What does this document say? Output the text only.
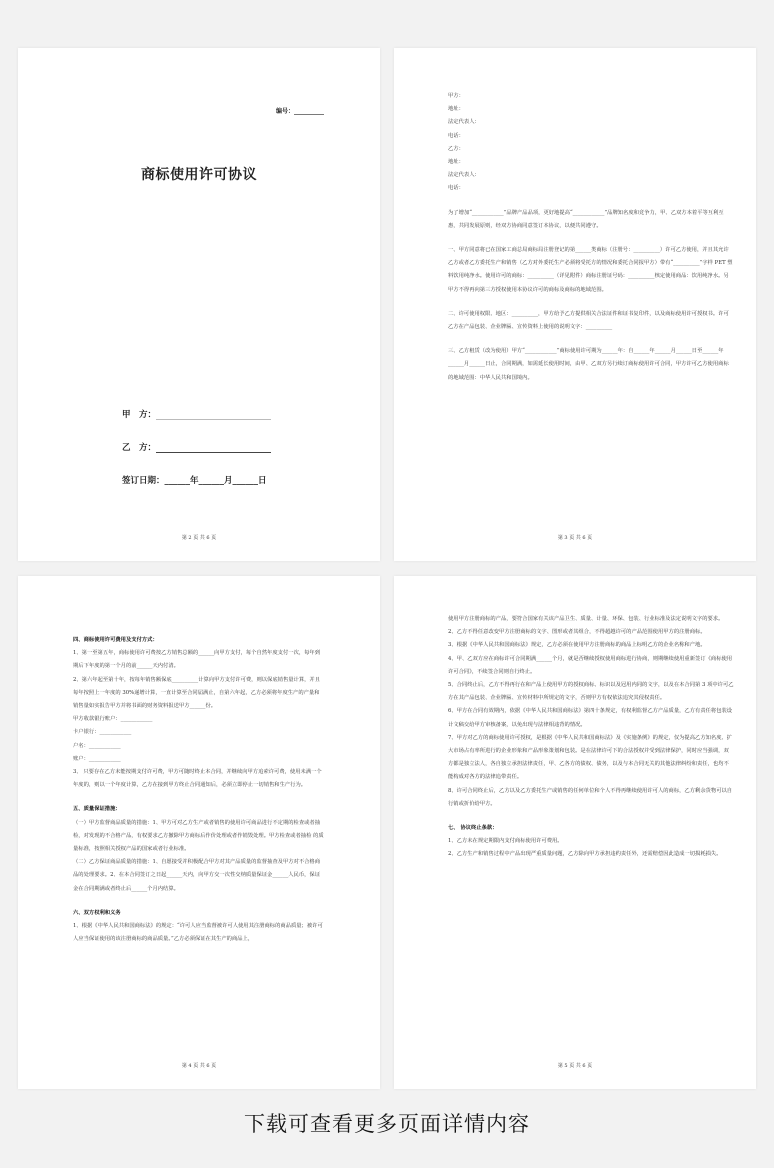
编号：__________
商标使用许可协议
甲　方：
乙　方：
签订日期：______年______月______日
第 2 页 共 6 页

甲方：

地址：

法定代表人：

电话：

乙方：

地址：

法定代表人：

电话：

为了增加“____________”品牌产品品项，更好地提高“____________”品牌知名度和竞争力，甲、乙双方本着平等互利互惠，共同发展原则，经双方协商同意签订本协议，以便共同遵守。

一、甲方同意将已在国家工商总局商标局注册登记的第______类商标（注册号：__________）许可乙方使用，并且其允许乙方或者乙方委托生产和销售（乙方对外委托生产必须将受托方的情况和委托合同报甲方）带有“__________”字样 PET 塑料饮用纯净水。使用许可的商标：__________（详见附件）商标注册证号码：__________核定使用商品：饮用纯净水。另甲方不得再向第三方授权使用本协议许可的商标及商标的地域范围。

二、许可使用权限、地区：__________，甲方给予乙方提供相关合法证件和证书复印件，以及商标使用许可授权书。许可乙方在产品包装、企业牌匾、宣传资料上使用的说明文字：__________

三、乙方租赁（改为使用）甲方“____________”商标使用许可期为______年：自______年______月______日至______年______月______日止，合同期满，如需延长使用时间，由甲、乙双方另行续订商标使用许可合同，甲方许可乙方使用商标的地域范围：中华人民共和国境内。

第 3 页 共 6 页

四、商标使用许可费用及支付方式：

1、第一至第五年，商标使用许可费按乙方销售总额的______向甲方支付，每个自然年度支付一次，每年到期后下年度的第一个月的前______天内付清。

2、第六年起至第十年，按每年销售额保底__________计算向甲方支付许可费，则以保底销售量计算，并且每年按照上一年度的 30%递增计算，一直计算至合同届满止，自第六年起，乙方必须将年度生产的产量和销售量如实报告甲方并将书面的财务资料报送甲方______份。

甲方收款银行账户：____________

卡户银行：____________

户名：____________

账户：____________

3、 只要存在乙方未能按期支付许可费，甲方可随时终止本合同，并继续向甲方追索许可费，使用未满一个年度的，则以一个年度计算，乙方在接到甲方终止合同通知后，必须立即停止一切销售和生产行为。

五、质量保证措施：

（一）甲方监督商品质量的措施：1、甲方可对乙方生产或者销售的使用许可商品进行不定期的检查或者抽检，对发现的不合格产品，有权要求乙方撤除甲方商标后作价处理或者作销毁处理。甲方检查或者抽检 的质量标准，按照相关授权产品的国家或者行业标准。

（二）乙方保证商品质量的措施：1、自愿接受并积极配合甲方对其产品质量的监督抽查及甲方对不合格商品的处理要求。2、在本合同签订之日起______天内，向甲方交一次性交纳质量保证金______人民币，保证金在合同期满或者终止后______个月内结算。

六、双方权利和义务

1、根据《中华人民共和国商标法》的规定：“许可人应当监督被许可人使用其注册商标的商品质量；被许可人应当保证使用的该注册商标的商品质量。”乙方必须保证在其生产的商品上，

第 4 页 共 6 页

使用甲方注册商标的产品，要符合国家有关该产品卫生、质量、计量、环保、包装、行业标准及法定说明文字的要求。

2、乙方不得任意改变甲方注册商标的文字、图形或者其组合，不得超越许可的产品范围使用甲方的注册商标。

3、根据《中华人民共和国商标法》规定，乙方必须在使用甲方注册商标的商品上标明乙方的企业名称和产地。

4、甲、乙双方应在商标许可合同期满______个月，就是否继续授权使用商标进行协商，则期继续使用重新签订《商标使用许可合同》，不续签合同则自行终止。

5、合同终止后，乙方不得再行在和产品上使用甲方的授权商标、标识以及冠用内同的文字，以及在本合同第 3 项中许可乙方在其产品包装、企业牌匾、宣传材料中所规定的文字，否则甲方有权依法追究其侵权责任。

6、甲方在合同有效期内，依据《中华人民共和国商标法》第四十条规定，有权利监督乙方产品质量，乙方有责任将包装设计文稿交给甲方审核备案，以免出现与法律相违背的情况。

7、甲方对乙方的商标使用许可授权，是根据《中华人民共和国商标法》及《实施条例》的规定，仅为提高乙方知名度、扩大市场占有率所进行的企业形象和产品形象策划和包装。是在法律许可下的合法授权并受到法律保护，同时应当强调，双方都是独立法人，各自独立承担法律责任，甲、乙各方的债权、债务，以及与本合同无关的其他法律纠纷和责任，也均不能构成对各方的法律追带责任。

8、许可合同终止后，乙方以及乙方委托生产或销售的任何单位和个人不得再继续使用许可人的商标，乙方剩余货物可以自行销或折价给甲方。

七、 协议终止条款：

1、乙方未在规定期限内支付商标使用许可费用。

2、乙方生产和销售过程中产品出现严重质量问题，乙方除向甲方承担违约责任外，还需赔偿因此造成一切损耗损失。

第 5 页 共 6 页
下载可查看更多页面详情内容
